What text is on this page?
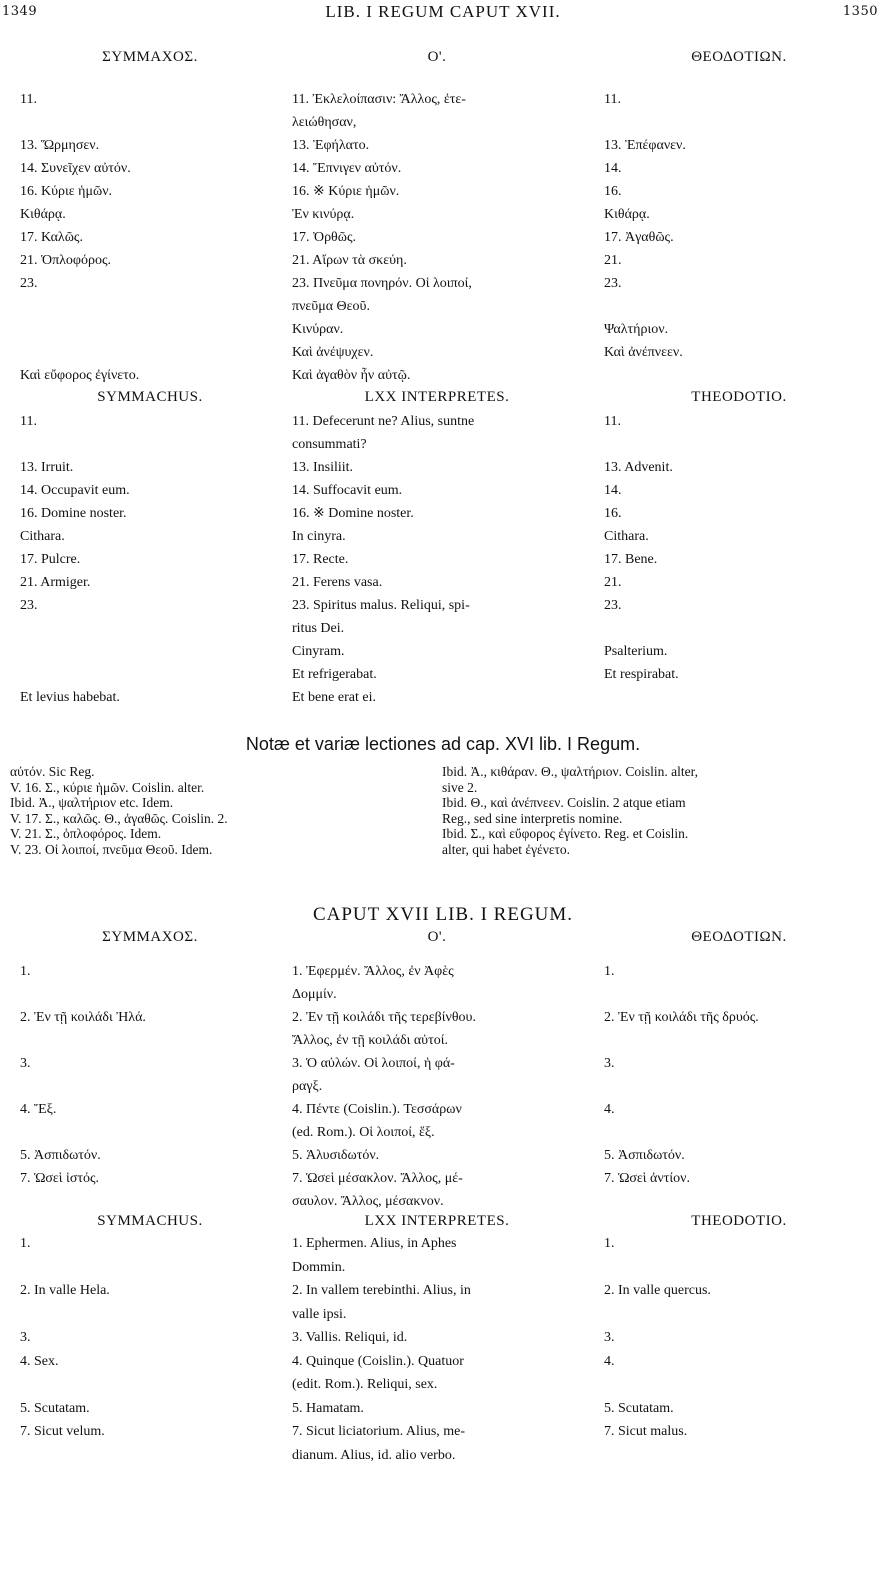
1349	LIB. I REGUM CAPUT XVII.	1350
ΣΥΜΜΑΧΟΣ.
11.
13. Ὥρμησεν.
14. Συνεῖχεν αὐτόν.
16. Κύριε ἡμῶν.
Κιθάρᾳ.
17. Καλῶς.
21. Ὁπλοφόρος.
23.
Καὶ εὔφορος ἐγίνετο.
Ο'.
11. Ἐκλελοίπασιν: Ἄλλος, ἐτε-
λειώθησαν,
13. Ἐφήλατο.
14. Ἔπνιγεν αὐτόν.
16. ※ Κύριε ἡμῶν.
Ἐν κινύρᾳ.
17. Ὀρθῶς.
21. Αἴρων τὰ σκεύη.
23. Πνεῦμα πονηρόν. Οἱ λοιποί,
πνεῦμα Θεοῦ.
Κινύραν.
Καὶ ἀνέψυχεν.
Καὶ ἀγαθὸν ἦν αὐτῷ.
ΘΕΟΔΟΤΙΩΝ.
11.
13. Ἐπέφανεν.
14.
16.
Κιθάρᾳ.
17. Ἀγαθῶς.
21.
23.
Ψαλτήριον.
Καὶ ἀνέπνεεν.
SYMMACHUS.
11.
13. Irruit.
14. Occupavit eum.
16. Domine noster.
Cithara.
17. Pulcre.
21. Armiger.
23.
Et levius habebat.
LXX INTERPRETES.
11. Defecerunt ne? Alius, suntne
consummati?
13. Insiliit.
14. Suffocavit eum.
16. ※ Domine noster.
In cinyra.
17. Recte.
21. Ferens vasa.
23. Spiritus malus. Reliqui, spi-
ritus Dei.
Cinyram.
Et refrigerabat.
Et bene erat ei.
THEODOTIO.
11.
13. Advenit.
14.
16.
Cithara.
17. Bene.
21.
23.
Psalterium.
Et respirabat.
Notæ et variæ lectiones ad cap. XVI lib. I Regum.
αὐτόν. Sic Reg.
V. 16. Σ., κύριε ἡμῶν. Coislin. alter.
Ibid. Ἀ., ψαλτήριον etc. Idem.
V. 17. Σ., καλῶς. Θ., ἀγαθῶς. Coislin. 2.
V. 21. Σ., ὁπλοφόρος. Idem.
V. 23. Οἱ λοιποί, πνεῦμα Θεοῦ. Idem.
Ibid. Ἀ., κιθάραν. Θ., ψαλτήριον. Coislin. alter,
sive 2.
Ibid. Θ., καὶ ἀνέπνεεν. Coislin. 2 atque etiam
Reg., sed sine interpretis nomine.
Ibid. Σ., καὶ εὔφορος ἐγίνετο. Reg. et Coislin.
alter, qui habet ἐγένετο.
CAPUT XVII LIB. I REGUM.
ΣΥΜΜΑΧΟΣ.
1.
2. Ἐν τῇ κοιλάδι Ἠλά.
3.
4. Ἔξ.
5. Ἀσπιδωτόν.
7. Ὡσεὶ ἱστός.
Ο'.
1. Ἐφερμέν. Ἄλλος, ἐν Ἀφὲς
Δομμίν.
2. Ἐν τῇ κοιλάδι τῆς τερεβίνθου.
Ἄλλος, ἐν τῇ κοιλάδι αὐτοί.
3. Ὁ αὐλών. Οἱ λοιποί, ἡ φά-
ραγξ.
4. Πέντε (Coislin.). Τεσσάρων
(ed. Rom.). Οἱ λοιποί, ἕξ.
5. Ἁλυσιδωτόν.
7. Ὡσεὶ μέσακλον. Ἄλλος, μέ-
σαυλον. Ἄλλος, μέσακνον.
ΘΕΟΔΟΤΙΩΝ.
1.
2. Ἐν τῇ κοιλάδι τῆς δρυός.
3.
4.
5. Ἀσπιδωτόν.
7. Ὡσεὶ ἀντίον.
SYMMACHUS.
1.
2. In valle Hela.
3.
4. Sex.
5. Scutatam.
7. Sicut velum.
LXX INTERPRETES.
1. Ephermen. Alius, in Aphes
Dommin.
2. In vallem terebinthi. Alius, in
valle ipsi.
3. Vallis. Reliqui, id.
4. Quinque (Coislin.). Quatuor
(edit. Rom.). Reliqui, sex.
5. Hamatam.
7. Sicut liciatorium. Alius, me-
dianum. Alius, id. alio verbo.
THEODOTIO.
1.
2. In valle quercus.
3.
4.
5. Scutatam.
7. Sicut malus.
